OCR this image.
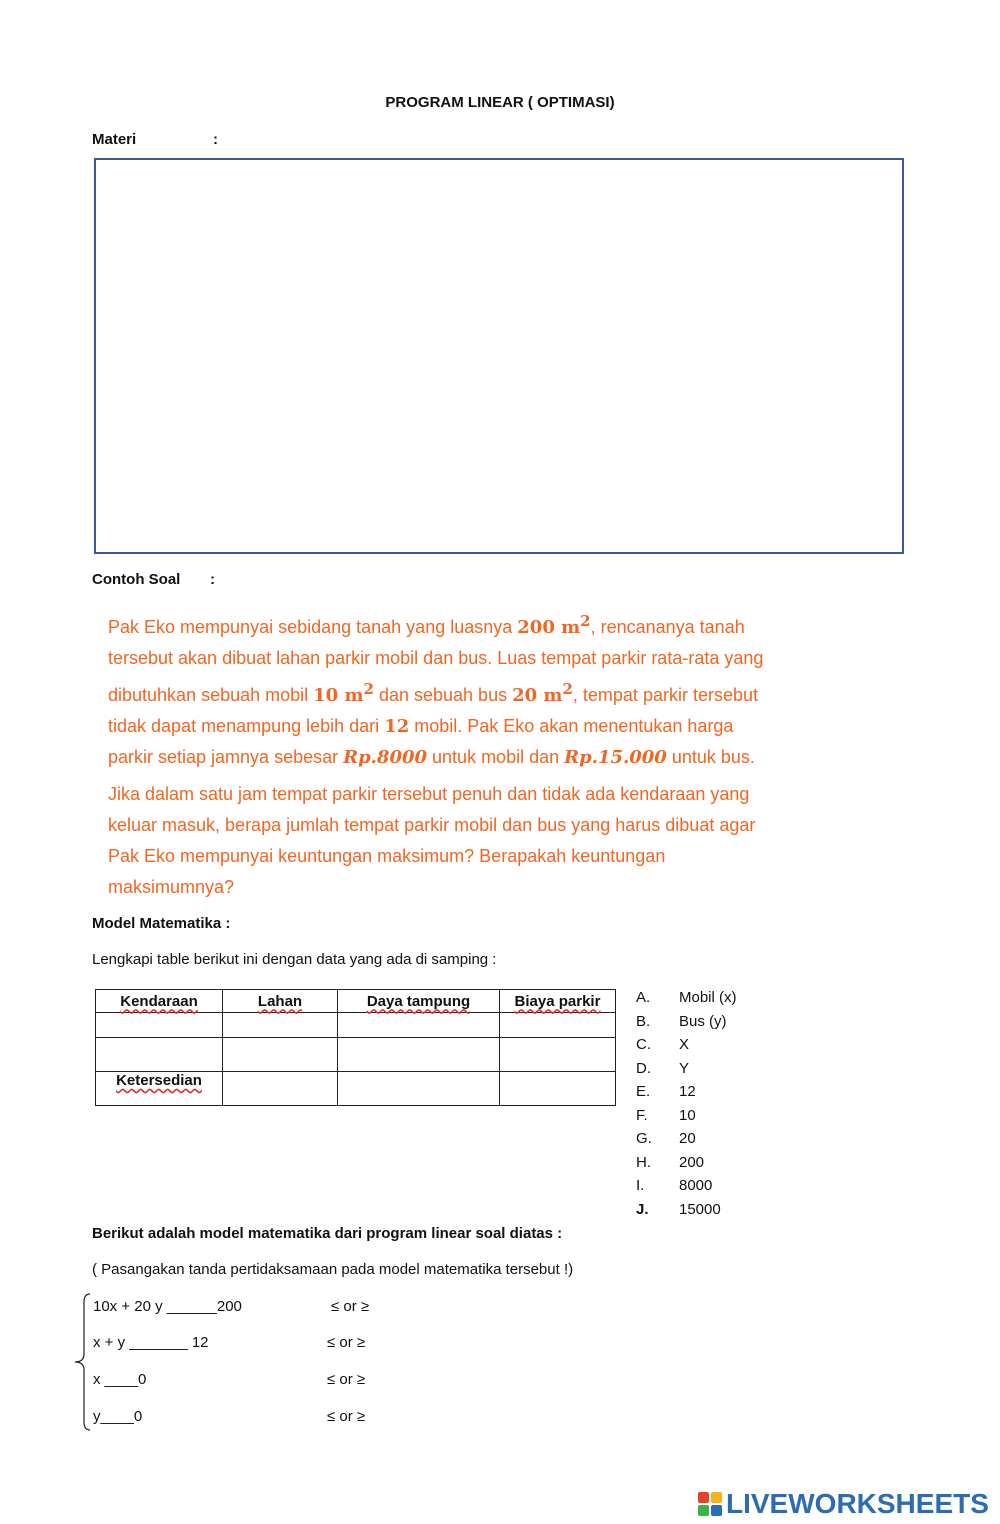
PROGRAM LINEAR ( OPTIMASI)
Materi	:
Contoh Soal :
Pak Eko mempunyai sebidang tanah yang luasnya 200 $m^2$, rencananya tanah
tersebut akan dibuat lahan parkir mobil dan bus. Luas tempat parkir rata-rata yang
dibutuhkan sebuah mobil 10 $m^2$ dan sebuah bus 20 $m^2$, tempat parkir tersebut
tidak dapat menampung lebih dari 12 mobil. Pak Eko akan menentukan harga
parkir setiap jamnya sebesar Rp.8000 untuk mobil dan Rp.15.000 untuk bus.
Jika dalam satu jam tempat parkir tersebut penuh dan tidak ada kendaraan yang
keluar masuk, berapa jumlah tempat parkir mobil dan bus yang harus dibuat agar
Pak Eko mempunyai keuntungan maksimum? Berapakah keuntungan
maksimumnya?
Model Matematika :
Lengkapi table berikut ini dengan data yang ada di samping :
Kendaraan	Lahan	Daya tampung	Biaya parkir

Ketersedian			
A.	Mobil (x)
B.	Bus (y)
C.	X
D.	Y
E.	12
F.	10
G.	20
H.	200
I.	8000
J.	15000
Berikut adalah model matematika dari program linear soal diatas :
( Pasangakan tanda pertidaksamaan pada model matematika tersebut !)
10x + 20 y ______200	≤ or ≥
x + y _______ 12	≤ or ≥
x ____0	≤ or ≥
y____0	≤ or ≥
LIVEWORKSHEETS
